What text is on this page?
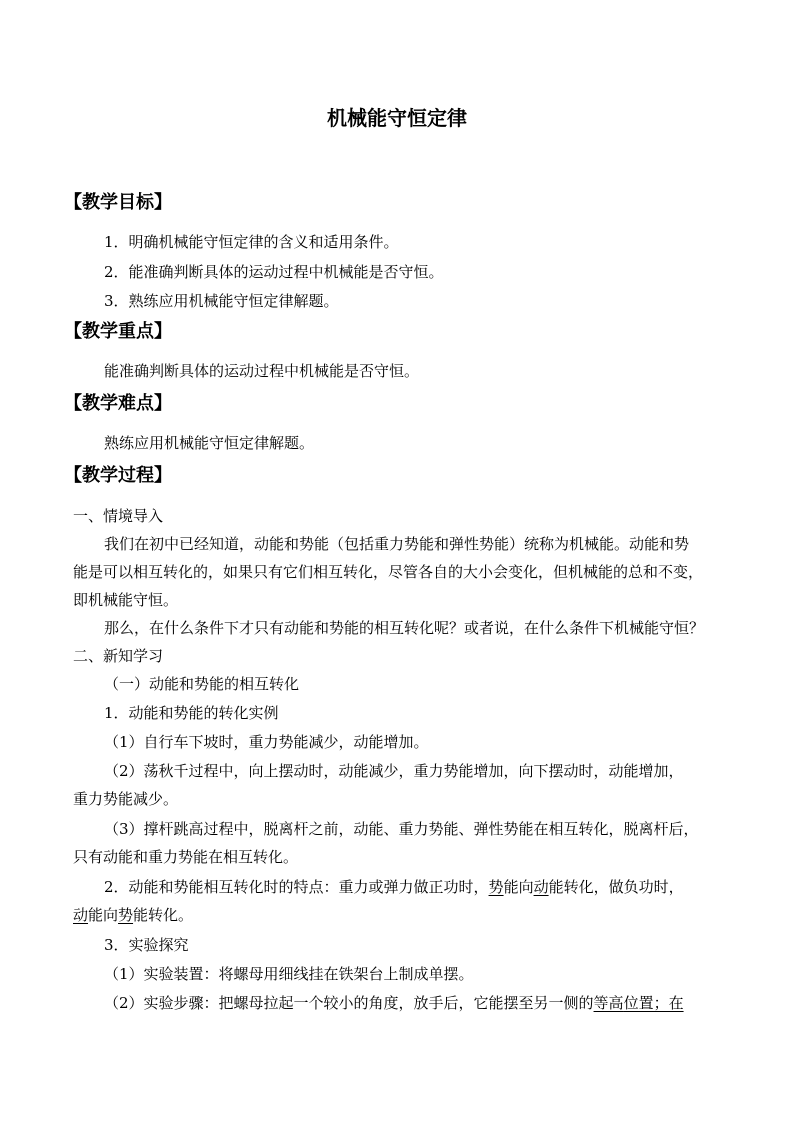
机械能守恒定律
【教学目标】

1．明确机械能守恒定律的含义和适用条件。

2．能准确判断具体的运动过程中机械能是否守恒。

3．熟练应用机械能守恒定律解题。

【教学重点】

能准确判断具体的运动过程中机械能是否守恒。

【教学难点】

熟练应用机械能守恒定律解题。

【教学过程】

一、情境导入

我们在初中已经知道，动能和势能（包括重力势能和弹性势能）统称为机械能。动能和势

能是可以相互转化的，如果只有它们相互转化，尽管各自的大小会变化，但机械能的总和不变，

即机械能守恒。

那么，在什么条件下才只有动能和势能的相互转化呢？或者说，在什么条件下机械能守恒？

二、新知学习

（一）动能和势能的相互转化

1．动能和势能的转化实例

（1）自行车下坡时，重力势能减少，动能增加。

（2）荡秋千过程中，向上摆动时，动能减少，重力势能增加，向下摆动时，动能增加，

重力势能减少。

（3）撑杆跳高过程中，脱离杆之前，动能、重力势能、弹性势能在相互转化，脱离杆后，

只有动能和重力势能在相互转化。

2．动能和势能相互转化时的特点：重力或弹力做正功时，势能向动能转化，做负功时，

动能向势能转化。

3．实验探究

（1）实验装置：将螺母用细线挂在铁架台上制成单摆。

（2）实验步骤：把螺母拉起一个较小的角度，放手后，它能摆至另一侧的等高位置；在
